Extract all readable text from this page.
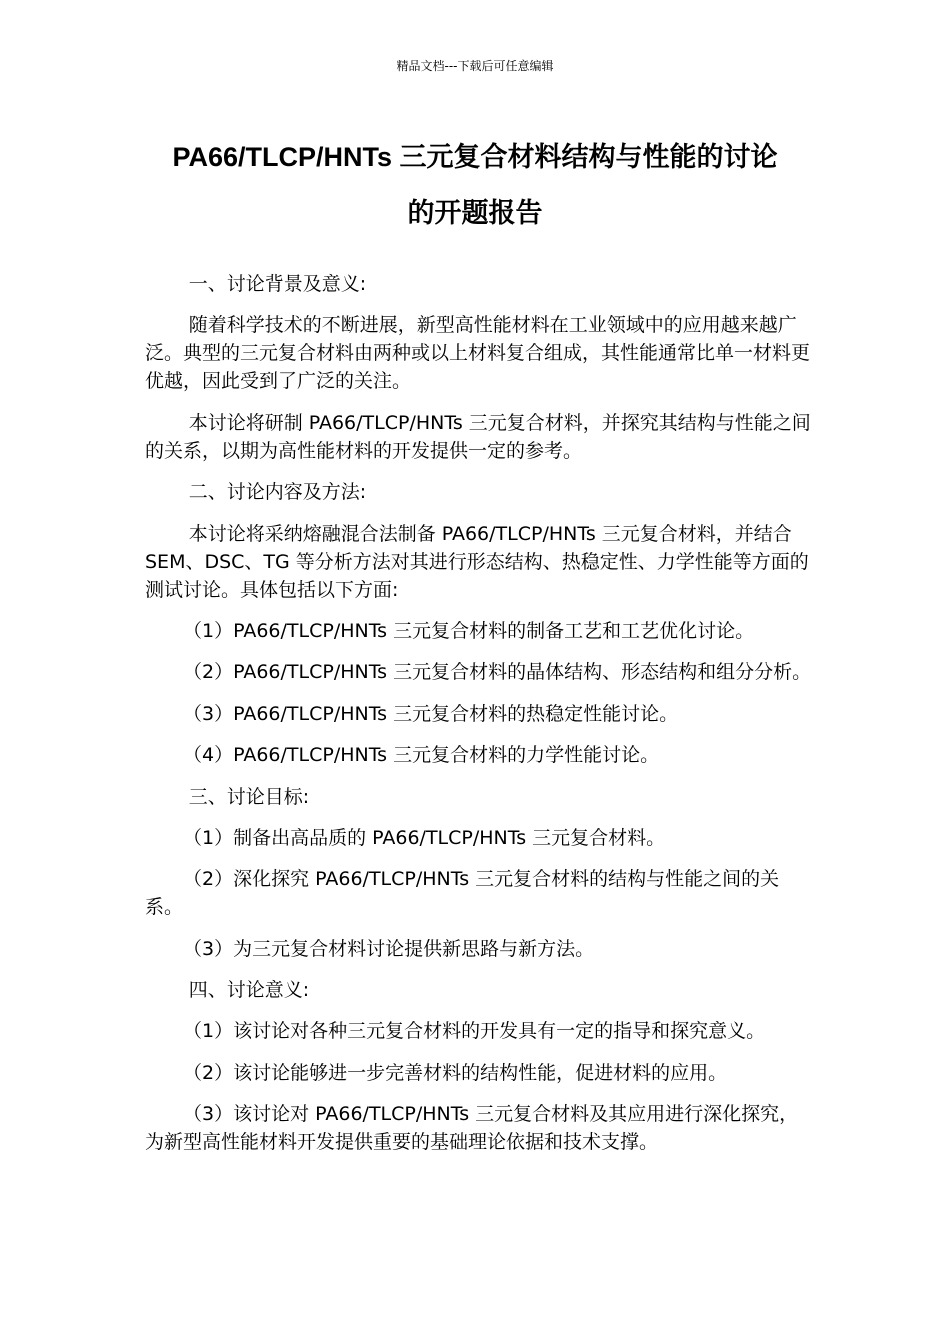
精品文档---下载后可任意编辑
PA66/TLCP/HNTs 三元复合材料结构与性能的讨论
的开题报告

一、讨论背景及意义:

随着科学技术的不断进展，新型高性能材料在工业领域中的应用越来越广泛。典型的三元复合材料由两种或以上材料复合组成，其性能通常比单一材料更优越，因此受到了广泛的关注。

本讨论将研制 PA66/TLCP/HNTs 三元复合材料，并探究其结构与性能之间的关系，以期为高性能材料的开发提供一定的参考。

二、讨论内容及方法:

本讨论将采纳熔融混合法制备 PA66/TLCP/HNTs 三元复合材料，并结合 SEM、DSC、TG 等分析方法对其进行形态结构、热稳定性、力学性能等方面的测试讨论。具体包括以下方面:

（1）PA66/TLCP/HNTs 三元复合材料的制备工艺和工艺优化讨论。

（2）PA66/TLCP/HNTs 三元复合材料的晶体结构、形态结构和组分分析。

（3）PA66/TLCP/HNTs 三元复合材料的热稳定性能讨论。

（4）PA66/TLCP/HNTs 三元复合材料的力学性能讨论。

三、讨论目标:

（1）制备出高品质的 PA66/TLCP/HNTs 三元复合材料。

（2）深化探究 PA66/TLCP/HNTs 三元复合材料的结构与性能之间的关系。

（3）为三元复合材料讨论提供新思路与新方法。

四、讨论意义:

（1）该讨论对各种三元复合材料的开发具有一定的指导和探究意义。

（2）该讨论能够进一步完善材料的结构性能，促进材料的应用。

（3）该讨论对 PA66/TLCP/HNTs 三元复合材料及其应用进行深化探究，为新型高性能材料开发提供重要的基础理论依据和技术支撑。
